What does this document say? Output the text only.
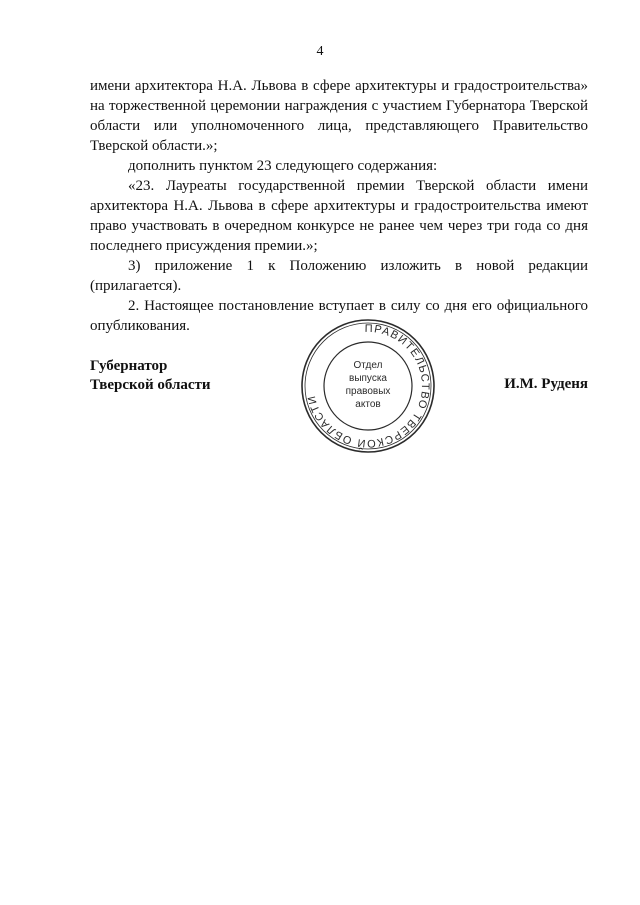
4

имени архитектора Н.А. Львова в сфере архитектуры и градостроительства» на торжественной церемонии награждения с участием Губернатора Тверской области или уполномоченного лица, представляющего Правительство Тверской области.»;

дополнить пунктом 23 следующего содержания:

«23. Лауреаты государственной премии Тверской области имени архитектора Н.А. Львова в сфере архитектуры и градостроительства имеют право участвовать в очередном конкурсе не ранее чем через три года со дня последнего присуждения премии.»;

3) приложение 1 к Положению изложить в новой редакции (прилагается).

2. Настоящее постановление вступает в силу со дня его официального опубликования.

Губернатор
Тверской области
ПРАВИТЕЛЬСТВО ТВЕРСКОЙ ОБЛАСТИ
Отдел
выпуска
правовых
актов
И.М. Руденя
